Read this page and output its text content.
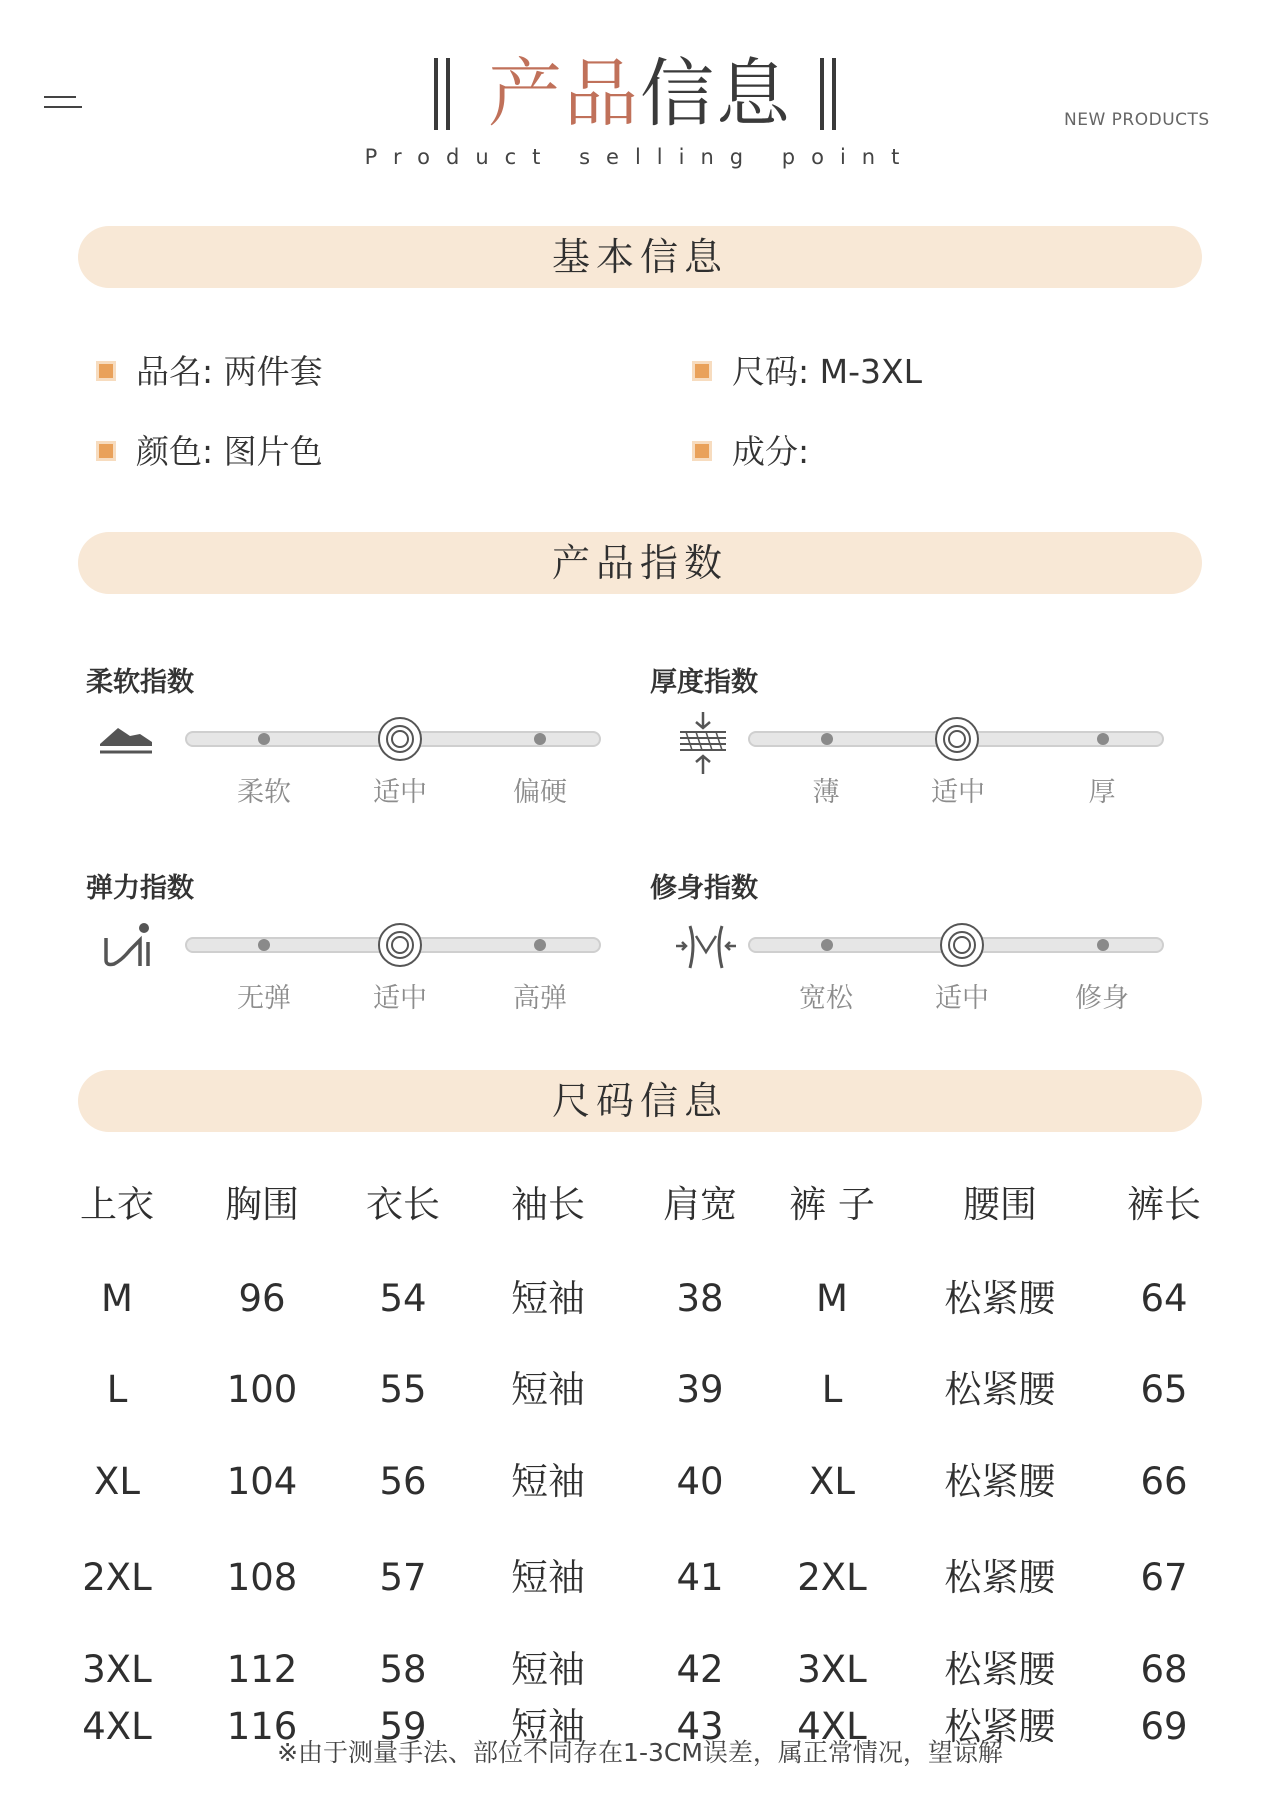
产品信息	NEW PRODUCTS
Product selling point
基本信息
品名: 两件套	尺码: M-3XL
颜色: 图片色	成分:
产品指数
柔软指数
柔软	适中	偏硬
厚度指数
薄	适中	厚
弹力指数
无弹	适中	高弹
修身指数
宽松	适中	修身
尺码信息
上衣	胸围	衣长	袖长	肩宽	裤 子	腰围	裤长
M	96	54	短袖	38	M	松紧腰	64
L	100	55	短袖	39	L	松紧腰	65
XL	104	56	短袖	40	XL	松紧腰	66
2XL	108	57	短袖	41	2XL	松紧腰	67
3XL	112	58	短袖	42	3XL	松紧腰	68
4XL	116	59	短袖	43	4XL	松紧腰	69
※由于测量手法、部位不同存在1-3CM误差，属正常情况，望谅解
